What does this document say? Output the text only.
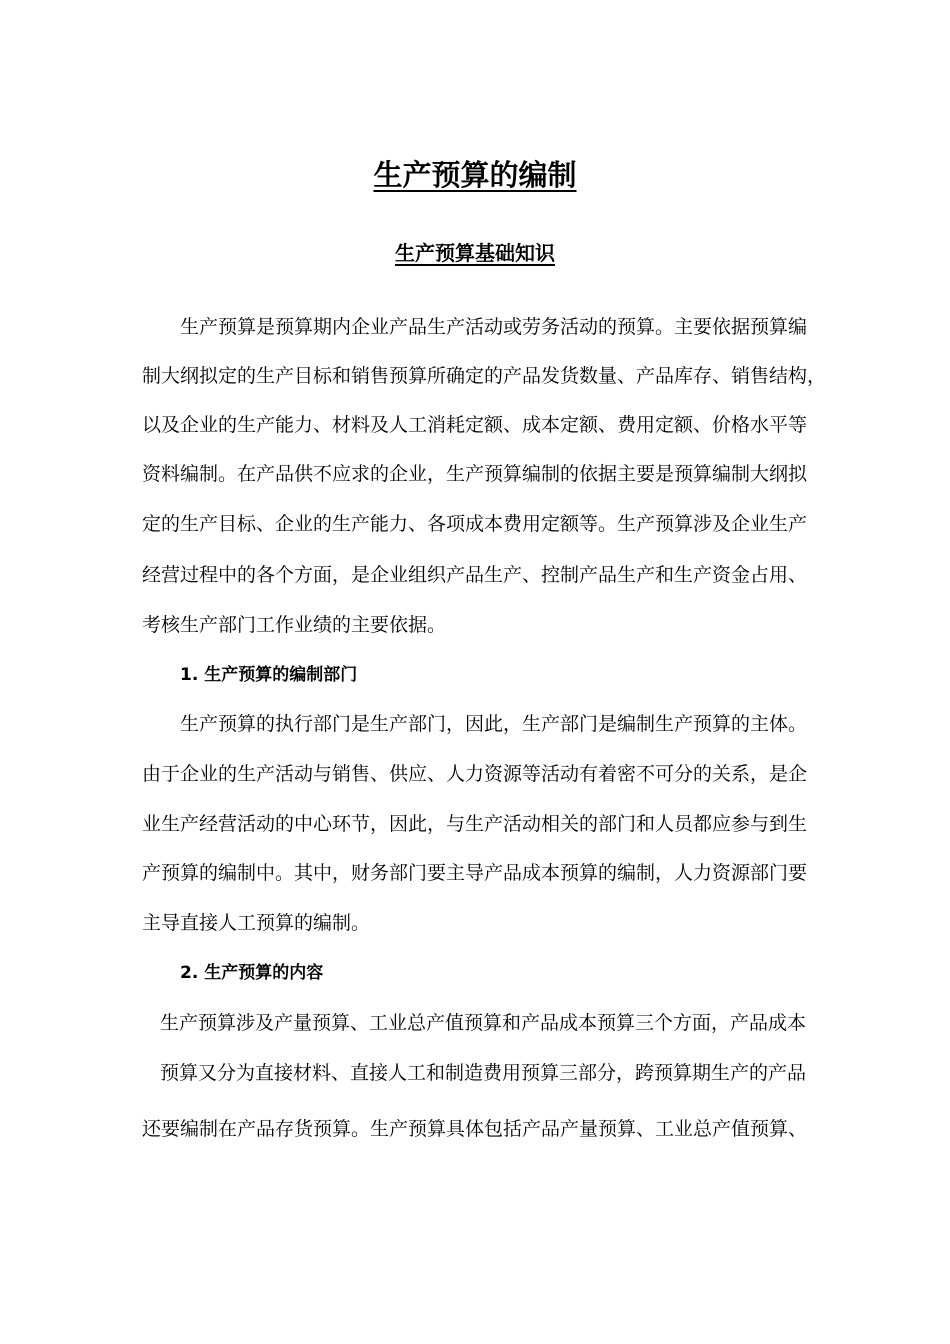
生产预算的编制
生产预算基础知识

生产预算是预算期内企业产品生产活动或劳务活动的预算。主要依据预算编

制大纲拟定的生产目标和销售预算所确定的产品发货数量、产品库存、销售结构，

以及企业的生产能力、材料及人工消耗定额、成本定额、费用定额、价格水平等

资料编制。在产品供不应求的企业，生产预算编制的依据主要是预算编制大纲拟

定的生产目标、企业的生产能力、各项成本费用定额等。生产预算涉及企业生产

经营过程中的各个方面，是企业组织产品生产、控制产品生产和生产资金占用、

考核生产部门工作业绩的主要依据。

1. 生产预算的编制部门

生产预算的执行部门是生产部门，因此，生产部门是编制生产预算的主体。

由于企业的生产活动与销售、供应、人力资源等活动有着密不可分的关系，是企

业生产经营活动的中心环节，因此，与生产活动相关的部门和人员都应参与到生

产预算的编制中。其中，财务部门要主导产品成本预算的编制，人力资源部门要

主导直接人工预算的编制。

2. 生产预算的内容

生产预算涉及产量预算、工业总产值预算和产品成本预算三个方面，产品成本

预算又分为直接材料、直接人工和制造费用预算三部分，跨预算期生产的产品

还要编制在产品存货预算。生产预算具体包括产品产量预算、工业总产值预算、
